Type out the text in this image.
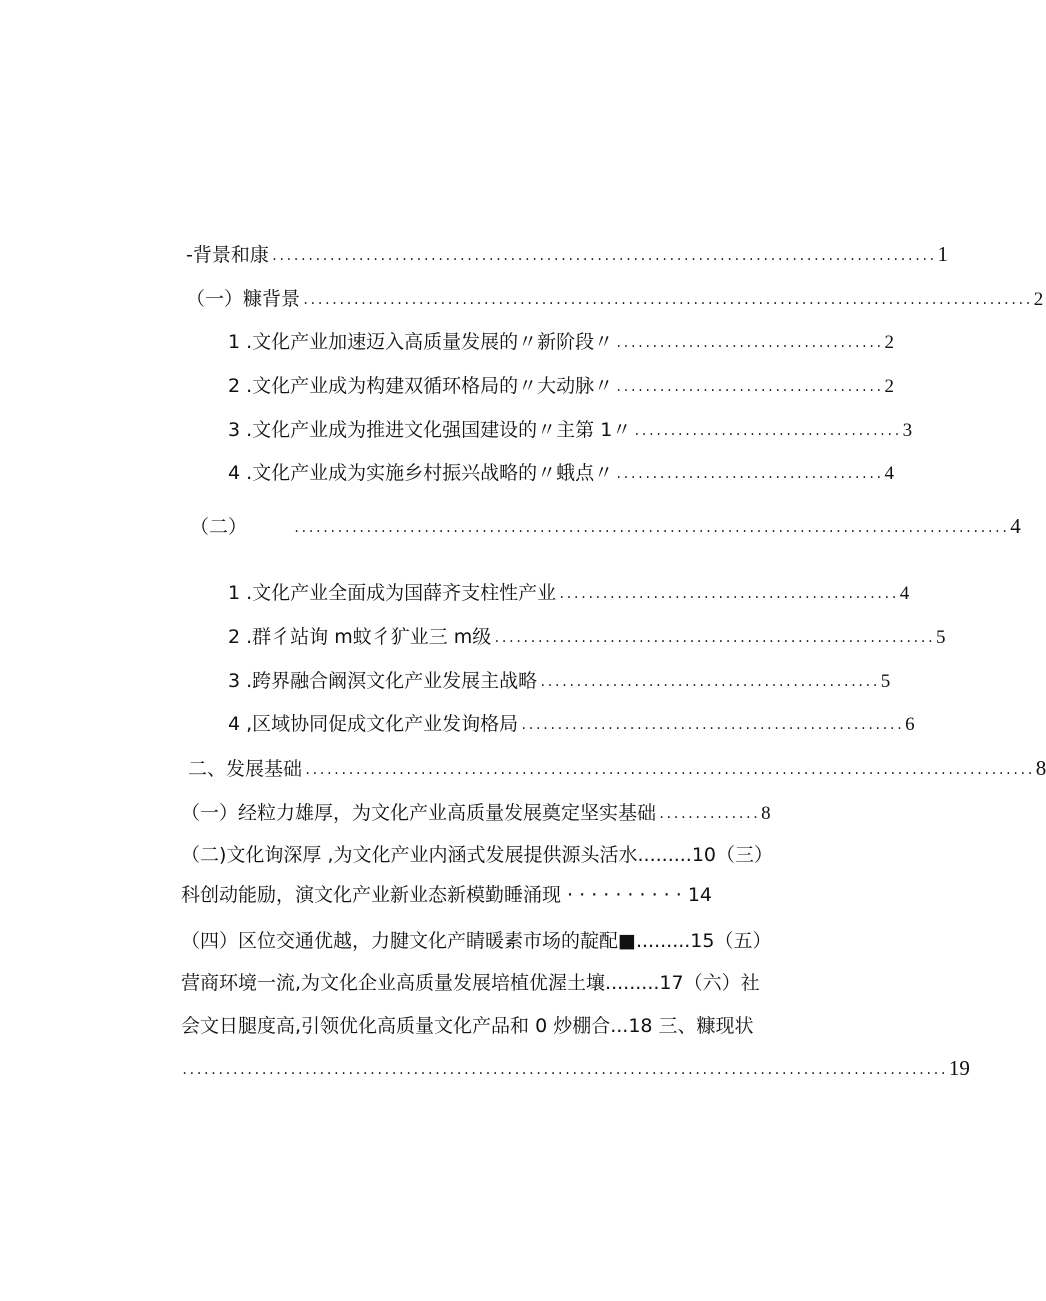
-背景和康 ............................................................................................ 1
（一）糠背景 ..................................................................................................... 2
1 .文化产业加速迈入高质量发展的〃新阶段〃 ..................................... 2
2 .文化产业成为构建双循环格局的〃大动脉〃 ..................................... 2
3 .文化产业成为推进文化强国建设的〃主第 1〃 ..................................... 3
4 .文化产业成为实施乡村振兴战略的〃蛾点〃 ..................................... 4
（二）	................................................................................................... 4
1 .文化产业全面成为国薛齐支柱性产业 ............................................... 4
2 .群彳站询 m蚊彳犷业三 m级 ............................................................. 5
3 .跨界融合阚溟文化产业发展主战略 ............................................... 5
4 ,区域协同促成文化产业发询格局 ..................................................... 6
二、发展基础 ..................................................................................................... 8
（一）经粒力雄厚，为文化产业高质量发展奠定坚实基础 .............. 8
（二)文化询深厚 ,为文化产业内涵式发展提供源头活水.........10（三）
科创动能励，演文化产业新业态新模勤睡涌现 · · · · · · · · · · 14
（四）区位交通优越，力腱文化产睛暖素市场的靛配■.........15（五）
营商环境一流,为文化企业高质量发展培植优渥土壤.........17（六）社
会文日腿度高,引领优化高质量文化产品和 0 炒棚合...18 三、糠现状
.......................................................................................................... 19
